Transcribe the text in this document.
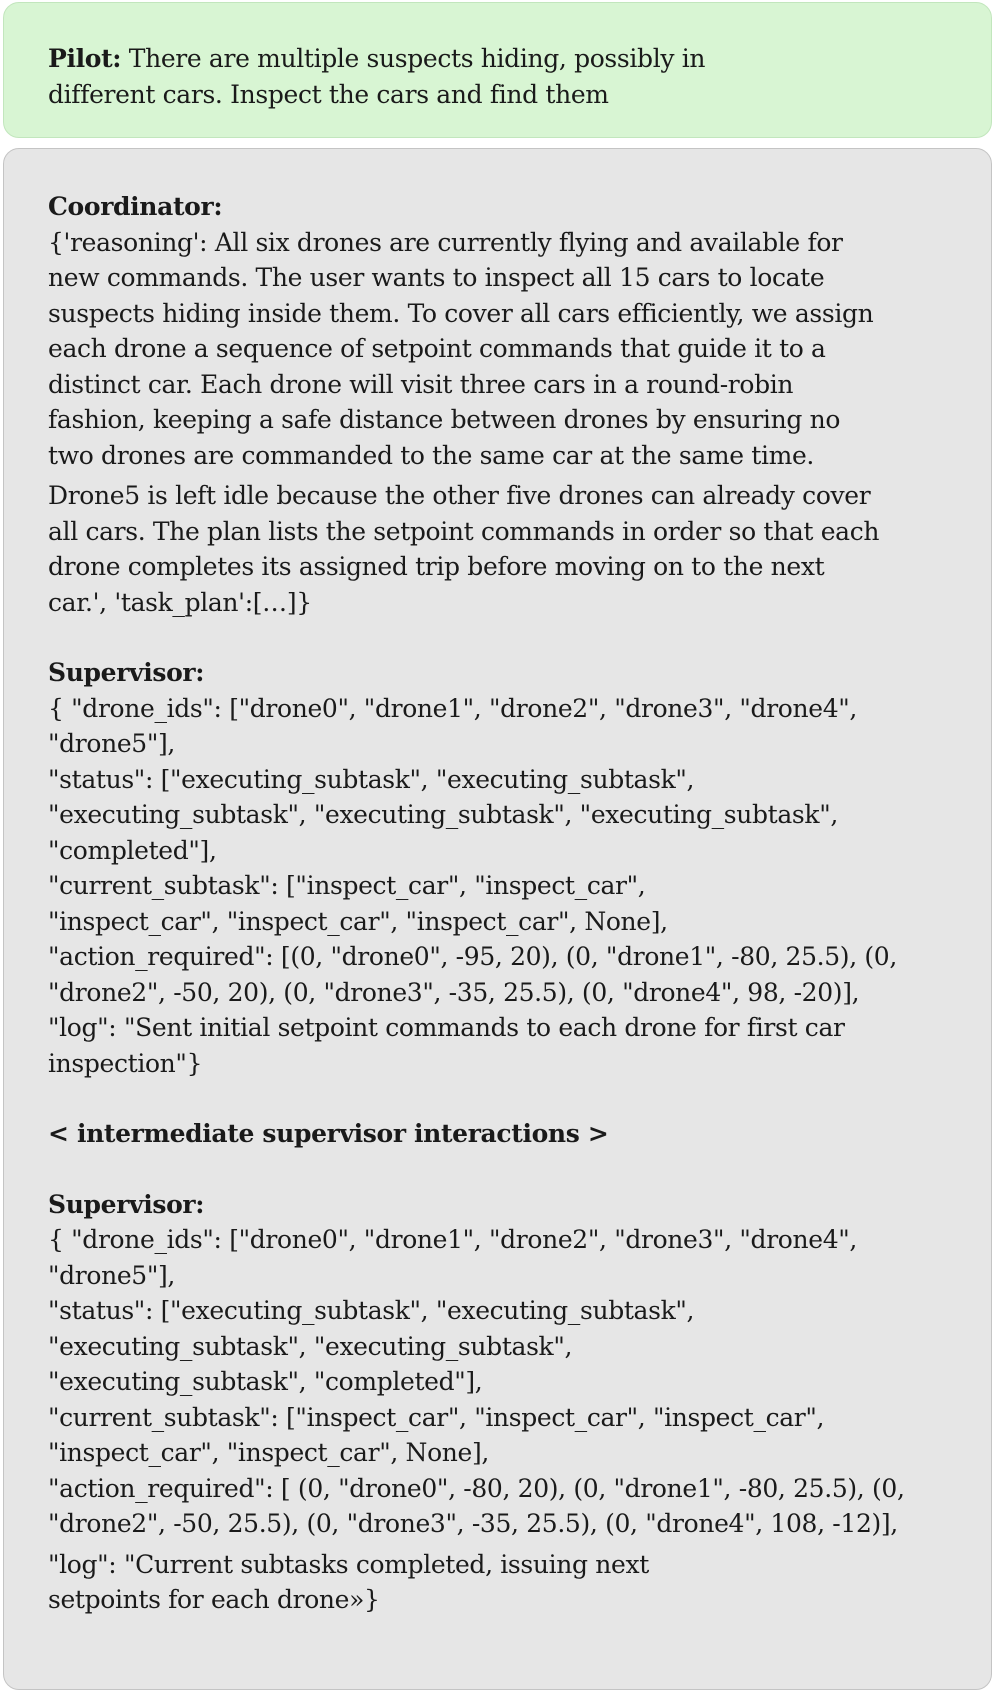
Pilot: There are multiple suspects hiding, possibly in
different cars. Inspect the cars and find them
Coordinator:
{'reasoning': All six drones are currently flying and available for
new commands. The user wants to inspect all 15 cars to locate
suspects hiding inside them. To cover all cars efficiently, we assign
each drone a sequence of setpoint commands that guide it to a
distinct car. Each drone will visit three cars in a round-robin
fashion, keeping a safe distance between drones by ensuring no
two drones are commanded to the same car at the same time.
Drone5 is left idle because the other five drones can already cover
all cars. The plan lists the setpoint commands in order so that each
drone completes its assigned trip before moving on to the next
car.', 'task_plan':[…]}
Supervisor:
{ "drone_ids": ["drone0", "drone1", "drone2", "drone3", "drone4",
"drone5"],
"status": ["executing_subtask", "executing_subtask",
"executing_subtask", "executing_subtask", "executing_subtask",
"completed"],
"current_subtask": ["inspect_car", "inspect_car",
"inspect_car", "inspect_car", "inspect_car", None],
"action_required": [(0, "drone0", -95, 20), (0, "drone1", -80, 25.5), (0,
"drone2", -50, 20), (0, "drone3", -35, 25.5), (0, "drone4", 98, -20)],
"log": "Sent initial setpoint commands to each drone for first car
inspection"}
< intermediate supervisor interactions >
Supervisor:
{ "drone_ids": ["drone0", "drone1", "drone2", "drone3", "drone4",
"drone5"],
"status": ["executing_subtask", "executing_subtask",
"executing_subtask", "executing_subtask",
"executing_subtask", "completed"],
"current_subtask": ["inspect_car", "inspect_car", "inspect_car",
"inspect_car", "inspect_car", None],
"action_required": [ (0, "drone0", -80, 20), (0, "drone1", -80, 25.5), (0,
"drone2", -50, 25.5), (0, "drone3", -35, 25.5), (0, "drone4", 108, -12)],
"log": "Current subtasks completed, issuing next
setpoints for each drone»}
